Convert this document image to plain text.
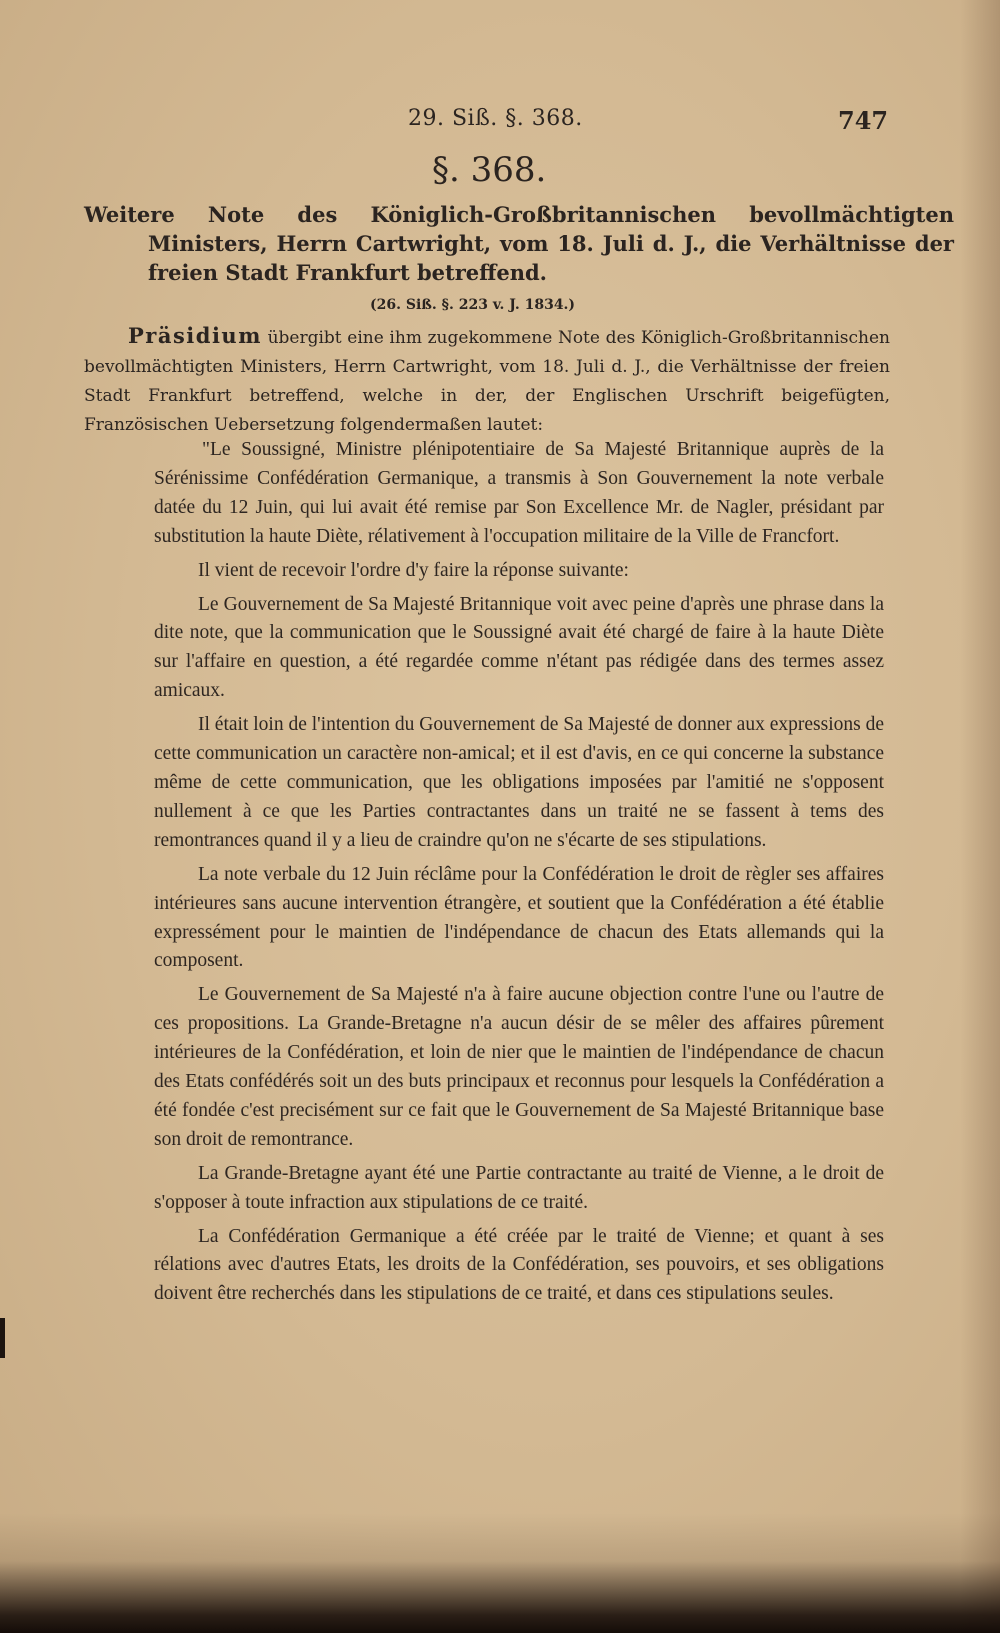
29. Siß. §. 368.	747
§. 368.
Weitere Note des Königlich-Großbritannischen bevollmächtigten Ministers, Herrn Cartwright, vom 18. Juli d. J., die Verhältnisse der freien Stadt Frankfurt betreffend.
(26. Siß. §. 223 v. J. 1834.)
Präsidium übergibt eine ihm zugekommene Note des Königlich-Großbritannischen bevollmächtigten Ministers, Herrn Cartwright, vom 18. Juli d. J., die Verhältnisse der freien Stadt Frankfurt betreffend, welche in der, der Englischen Urschrift beigefügten, Französischen Uebersetzung folgendermaßen lautet:

"Le Soussigné, Ministre plénipotentiaire de Sa Majesté Britannique auprès de la Sérénissime Confédération Germanique, a transmis à Son Gouvernement la note verbale datée du 12 Juin, qui lui avait été remise par Son Excellence Mr. de Nagler, présidant par substitution la haute Diète, rélativement à l'occupation militaire de la Ville de Francfort.

Il vient de recevoir l'ordre d'y faire la réponse suivante:

Le Gouvernement de Sa Majesté Britannique voit avec peine d'après une phrase dans la dite note, que la communication que le Soussigné avait été chargé de faire à la haute Diète sur l'affaire en question, a été regardée comme n'étant pas rédigée dans des termes assez amicaux.

Il était loin de l'intention du Gouvernement de Sa Majesté de donner aux expressions de cette communication un caractère non-amical; et il est d'avis, en ce qui concerne la substance même de cette communication, que les obligations imposées par l'amitié ne s'opposent nullement à ce que les Parties contractantes dans un traité ne se fassent à tems des remontrances quand il y a lieu de craindre qu'on ne s'écarte de ses stipulations.

La note verbale du 12 Juin réclâme pour la Confédération le droit de règler ses affaires intérieures sans aucune intervention étrangère, et soutient que la Confédération a été établie expressément pour le maintien de l'indépendance de chacun des Etats allemands qui la composent.

Le Gouvernement de Sa Majesté n'a à faire aucune objection contre l'une ou l'autre de ces propositions. La Grande-Bretagne n'a aucun désir de se mêler des affaires pûrement intérieures de la Confédération, et loin de nier que le maintien de l'indépendance de chacun des Etats confédérés soit un des buts principaux et reconnus pour lesquels la Confédération a été fondée c'est precisément sur ce fait que le Gouvernement de Sa Majesté Britannique base son droit de remontrance.

La Grande-Bretagne ayant été une Partie contractante au traité de Vienne, a le droit de s'opposer à toute infraction aux stipulations de ce traité.

La Confédération Germanique a été créée par le traité de Vienne; et quant à ses rélations avec d'autres Etats, les droits de la Confédération, ses pouvoirs, et ses obligations doivent être recherchés dans les stipulations de ce traité, et dans ces stipulations seules.
